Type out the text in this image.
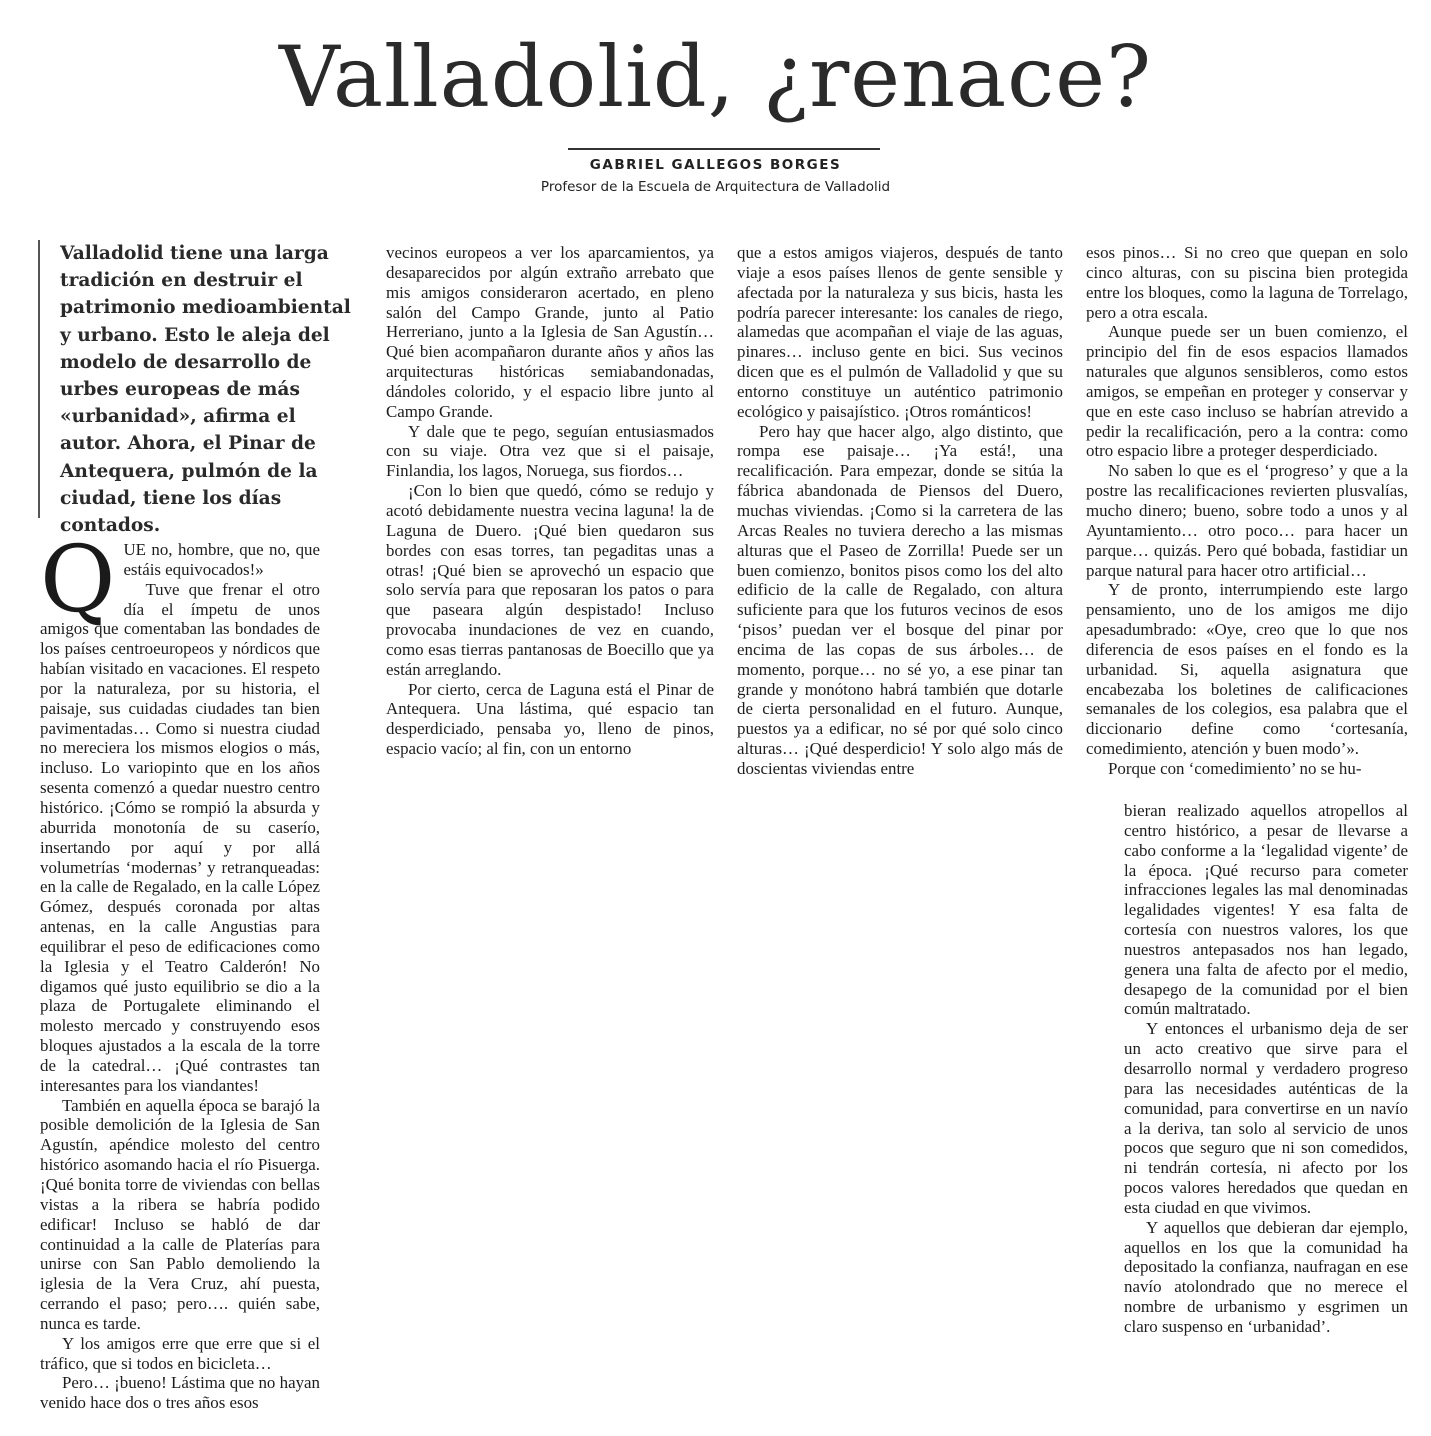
Valladolid, ¿renace?
GABRIEL GALLEGOS BORGES
Profesor de la Escuela de Arquitectura de Valladolid

Valladolid tiene una larga tradición en destruir el patrimonio medioambiental y urbano. Esto le aleja del modelo de desarrollo de urbes europeas de más «urbanidad», afirma el autor. Ahora, el Pinar de Antequera, pulmón de la ciudad, tiene los días contados.

QUE no, hombre, que no, que estáis equivocados!»

Tuve que frenar el otro día el ímpetu de unos amigos que comentaban las bondades de los países centroeuropeos y nórdicos que habían visitado en vacaciones. El respeto por la naturaleza, por su historia, el paisaje, sus cuidadas ciudades tan bien pavimentadas… Como si nuestra ciudad no mereciera los mismos elogios o más, incluso. Lo variopinto que en los años sesenta comenzó a quedar nuestro centro histórico. ¡Cómo se rompió la absurda y aburrida monotonía de su caserío, insertando por aquí y por allá volumetrías ‘modernas’ y retranqueadas: en la calle de Regalado, en la calle López Gómez, después coronada por altas antenas, en la calle Angustias para equilibrar el peso de edificaciones como la Iglesia y el Teatro Calderón! No digamos qué justo equilibrio se dio a la plaza de Portugalete eliminando el molesto mercado y construyendo esos bloques ajustados a la escala de la torre de la catedral… ¡Qué contrastes tan interesantes para los viandantes!

También en aquella época se barajó la posible demolición de la Iglesia de San Agustín, apéndice molesto del centro histórico asomando hacia el río Pisuerga. ¡Qué bonita torre de viviendas con bellas vistas a la ribera se habría podido edificar! Incluso se habló de dar continuidad a la calle de Platerías para unirse con San Pablo demoliendo la iglesia de la Vera Cruz, ahí puesta, cerrando el paso; pero…. quién sabe, nunca es tarde.

Y los amigos erre que erre que si el tráfico, que si todos en bicicleta…

Pero… ¡bueno! Lástima que no hayan venido hace dos o tres años esos

vecinos europeos a ver los aparcamientos, ya desaparecidos por algún extraño arrebato que mis amigos consideraron acertado, en pleno salón del Campo Grande, junto al Patio Herreriano, junto a la Iglesia de San Agustín… Qué bien acompañaron durante años y años las arquitecturas históricas semiabandonadas, dándoles colorido, y el espacio libre junto al Campo Grande.

Y dale que te pego, seguían entusiasmados con su viaje. Otra vez que si el paisaje, Finlandia, los lagos, Noruega, sus fiordos…

¡Con lo bien que quedó, cómo se redujo y acotó debidamente nuestra vecina laguna! la de Laguna de Duero. ¡Qué bien quedaron sus bordes con esas torres, tan pegaditas unas a otras! ¡Qué bien se aprovechó un espacio que solo servía para que reposaran los patos o para que paseara algún despistado! Incluso provocaba inundaciones de vez en cuando, como esas tierras pantanosas de Boecillo que ya están arreglando.

Por cierto, cerca de Laguna está el Pinar de Antequera. Una lástima, qué espacio tan desperdiciado, pensaba yo, lleno de pinos, espacio vacío; al fin, con un entorno

que a estos amigos viajeros, después de tanto viaje a esos países llenos de gente sensible y afectada por la naturaleza y sus bicis, hasta les podría parecer interesante: los canales de riego, alamedas que acompañan el viaje de las aguas, pinares… incluso gente en bici. Sus vecinos dicen que es el pulmón de Valladolid y que su entorno constituye un auténtico patrimonio ecológico y paisajístico. ¡Otros románticos!

Pero hay que hacer algo, algo distinto, que rompa ese paisaje… ¡Ya está!, una recalificación. Para empezar, donde se sitúa la fábrica abandonada de Piensos del Duero, muchas viviendas. ¡Como si la carretera de las Arcas Reales no tuviera derecho a las mismas alturas que el Paseo de Zorrilla! Puede ser un buen comienzo, bonitos pisos como los del alto edificio de la calle de Regalado, con altura suficiente para que los futuros vecinos de esos ‘pisos’ puedan ver el bosque del pinar por encima de las copas de sus árboles… de momento, porque… no sé yo, a ese pinar tan grande y monótono habrá también que dotarle de cierta personalidad en el futuro. Aunque, puestos ya a edificar, no sé por qué solo cinco alturas… ¡Qué desperdicio! Y solo algo más de doscientas viviendas entre

esos pinos… Si no creo que quepan en solo cinco alturas, con su piscina bien protegida entre los bloques, como la laguna de Torrelago, pero a otra escala.

Aunque puede ser un buen comienzo, el principio del fin de esos espacios llamados naturales que algunos sensibleros, como estos amigos, se empeñan en proteger y conservar y que en este caso incluso se habrían atrevido a pedir la recalificación, pero a la contra: como otro espacio libre a proteger desperdiciado.

No saben lo que es el ‘progreso’ y que a la postre las recalificaciones revierten plusvalías, mucho dinero; bueno, sobre todo a unos y al Ayuntamiento… otro poco… para hacer un parque… quizás. Pero qué bobada, fastidiar un parque natural para hacer otro artificial…

Y de pronto, interrumpiendo este largo pensamiento, uno de los amigos me dijo apesadumbrado: «Oye, creo que lo que nos diferencia de esos países en el fondo es la urbanidad. Si, aquella asignatura que encabezaba los boletines de calificaciones semanales de los colegios, esa palabra que el diccionario define como ‘cortesanía, comedimiento, atención y buen modo’».

Porque con ‘comedimiento’ no se hu-

bieran realizado aquellos atropellos al centro histórico, a pesar de llevarse a cabo conforme a la ‘legalidad vigente’ de la época. ¡Qué recurso para cometer infracciones legales las mal denominadas legalidades vigentes! Y esa falta de cortesía con nuestros valores, los que nuestros antepasados nos han legado, genera una falta de afecto por el medio, desapego de la comunidad por el bien común maltratado.

Y entonces el urbanismo deja de ser un acto creativo que sirve para el desarrollo normal y verdadero progreso para las necesidades auténticas de la comunidad, para convertirse en un navío a la deriva, tan solo al servicio de unos pocos que seguro que ni son comedidos, ni tendrán cortesía, ni afecto por los pocos valores heredados que quedan en esta ciudad en que vivimos.

Y aquellos que debieran dar ejemplo, aquellos en los que la comunidad ha depositado la confianza, naufragan en ese navío atolondrado que no merece el nombre de urbanismo y esgrimen un claro suspenso en ‘urbanidad’.
